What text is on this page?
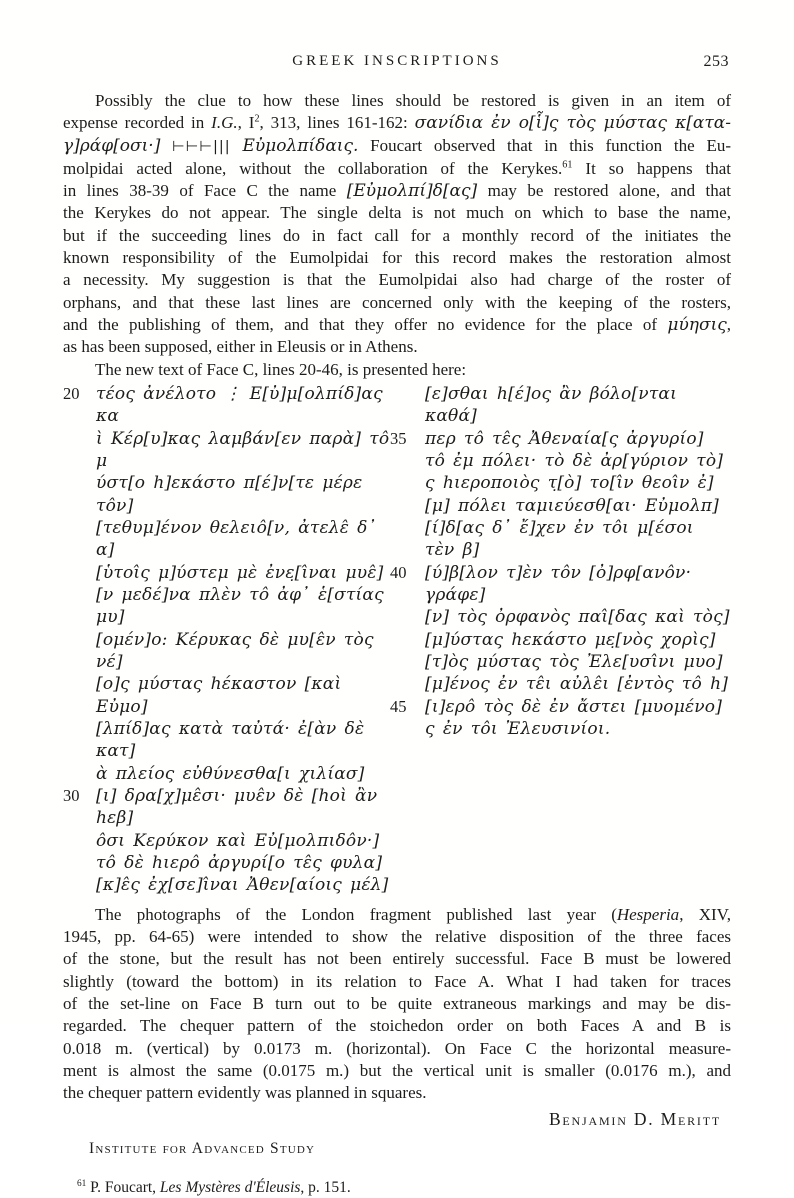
GREEK INSCRIPTIONS	253
Possibly the clue to how these lines should be restored is given in an item of
expense recorded in I.G., $I^2$, 313, lines 161-162: σανίδια ἐν ο[ἷ]ς τὸς μύστας κ[ατα-
γ]ράφ[οσι·] ⊢⊢⊢||| Εὐμολπίδαις. Foucart observed that in this function the Eu-
molpidai acted alone, without the collaboration of the Kerykes.$^{61}$ It so happens that
in lines 38-39 of Face C the name [Εὐμολπί]δ[ας] may be restored alone, and that
the Kerykes do not appear. The single delta is not much on which to base the name,
but if the succeeding lines do in fact call for a monthly record of the initiates the
known responsibility of the Eumolpidai for this record makes the restoration almost
a necessity. My suggestion is that the Eumolpidai also had charge of the roster of
orphans, and that these last lines are concerned only with the keeping of the rosters,
and the publishing of them, and that they offer no evidence for the place of μύησις,
as has been supposed, either in Eleusis or in Athens.
The new text of Face C, lines 20-46, is presented here:
20 τέος ἀνέλοτο ⋮ Ε[ὐ]μ[ολπίδ]ας κα
ὶ Κέρ[υ]κας λαμβάν[εν παρὰ] το̂ μ
ύστ[ο h]εκάστο π[έ]ν[τε μέρε το̂ν]
[τεθυμ]ένον θελειο̂[ν, ἀτελε̂ δ᾽ α]
[ὑτοι̂ς μ]ύστεμ μὲ ἐνε̣[ι̂ναι μυε̂]
[ν μεδέ]να πλὲν το̂ ἀφ᾽ ἑ[στίας μυ]
[ομέν]ο: Κέρυκας δὲ μυ[ε̂ν τὸς νέ]
[ο]ς μύστας hέκαστον [καὶ Εὐμο]
[λπίδ]ας κατὰ ταὐτά· ἐ[ὰν δὲ κατ]
ὰ πλείος εὐθύνεσθα[ι χιλίασ]
30 [ι] δρα[χ]με̂σι· μυε̂ν δὲ [hοὶ ἂν hεβ]
ο̂σι Κερύκον καὶ Εὐ[μολπιδο̂ν·]
το̂ δὲ hιερο̂ ἀργυρί[ο τε̂ς φυλα]
[κ]ε̂ς ἐχ[σε]ι̂ναι Ἀθεν[αίοις μέλ]
[ε]σθαι h[έ]ος ἂν βόλο[νται καθά]
35	περ το̂ τε̂ς Ἀθεναία[ς ἀργυρίο]
το̂ ἐμ πόλει· τὸ δὲ ἀρ[γύριον τὸ]
ς hιεροποιὸς τ̣[ὸ] το[ι̂ν θεοι̂ν ἐ]
[μ] πόλει ταμιεύεσθ[αι· Εὐμολπ]
[ί]δ[ας δ᾽ ἔ]χεν ἐν το̂ι μ[έσοι τὲν β]
40	[ύ]β[λον τ]ὲν το̂ν [ὀ]ρφ[ανο̂ν· γράφε]
[ν] τὸς ὀρφανὸς παι̂[δας καὶ τὸς]
[μ]ύστας hεκάστο με̣[νὸς χορὶς]
[τ]ὸς μύστας τὸς Ἐλε[υσι̂νι μυο]
[μ]ένος ἐν τε̂ι αὐλε̂ι [ἐντὸς το̂ h]
45	[ι]ερο̂ τὸς δὲ ἐν ἄστει [μυομένο]
ς ἐν το̂ι Ἐλευσινίοι.
The photographs of the London fragment published last year (Hesperia, XIV,
1945, pp. 64-65) were intended to show the relative disposition of the three faces
of the stone, but the result has not been entirely successful. Face B must be lowered
slightly (toward the bottom) in its relation to Face A. What I had taken for traces
of the set-line on Face B turn out to be quite extraneous markings and may be dis-
regarded. The chequer pattern of the stoichedon order on both Faces A and B is
0.018 m. (vertical) by 0.0173 m. (horizontal). On Face C the horizontal measure-
ment is almost the same (0.0175 m.) but the vertical unit is smaller (0.0176 m.), and
the chequer pattern evidently was planned in squares.
Benjamin D. Meritt
Institute for Advanced Study
$^{61}$ P. Foucart, Les Mystères d'Éleusis, p. 151.
